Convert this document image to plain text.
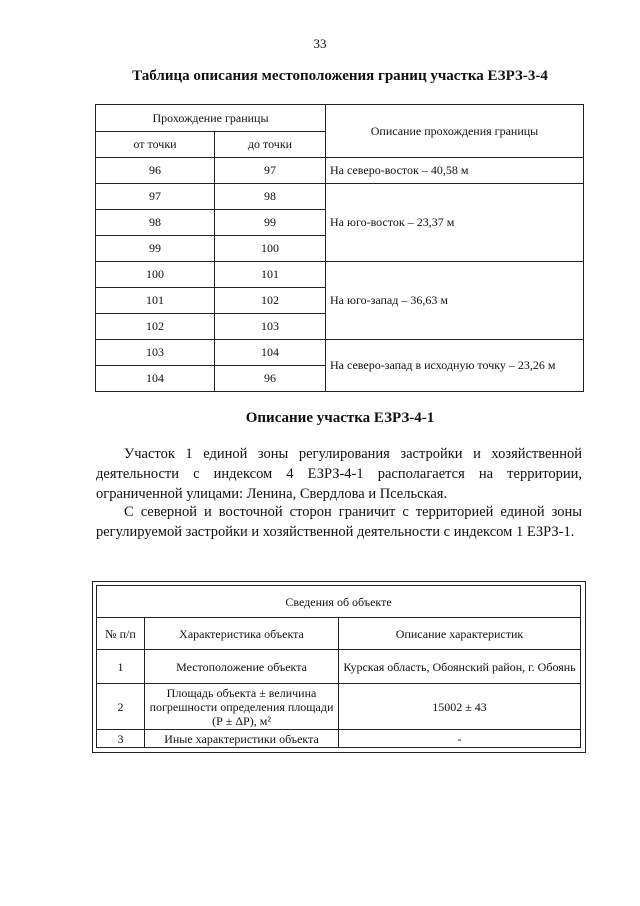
33
Таблица описания местоположения границ участка ЕЗРЗ-3-4
Прохождение границы		Описание прохождения границы
от точки	до точки	
96	97	На северо-восток – 40,58 м
97	98	На юго-восток – 23,37 м
98	99	
99	100	
100	101	На юго-запад – 36,63 м
101	102	
102	103	
103	104	На северо-запад в исходную точку – 23,26 м
104	96	
Описание участка ЕЗРЗ-4-1
Участок 1 единой зоны регулирования застройки и хозяйственной деятельности с индексом 4 ЕЗРЗ-4-1 располагается на территории, ограниченной улицами: Ленина, Свердлова и Псельская.
С северной и восточной сторон граничит с территорией единой зоны регулируемой застройки и хозяйственной деятельности с индексом 1 ЕЗРЗ-1.
Сведения об объекте		
№ п/п	Характеристика объекта	Описание характеристик
1	Местоположение объекта	Курская область, Обоянский район, г. Обоянь
2	Площадь объекта ± величина погрешности определения площади (Р ± ΔР), м²	15002 ± 43
3	Иные характеристики объекта	-
